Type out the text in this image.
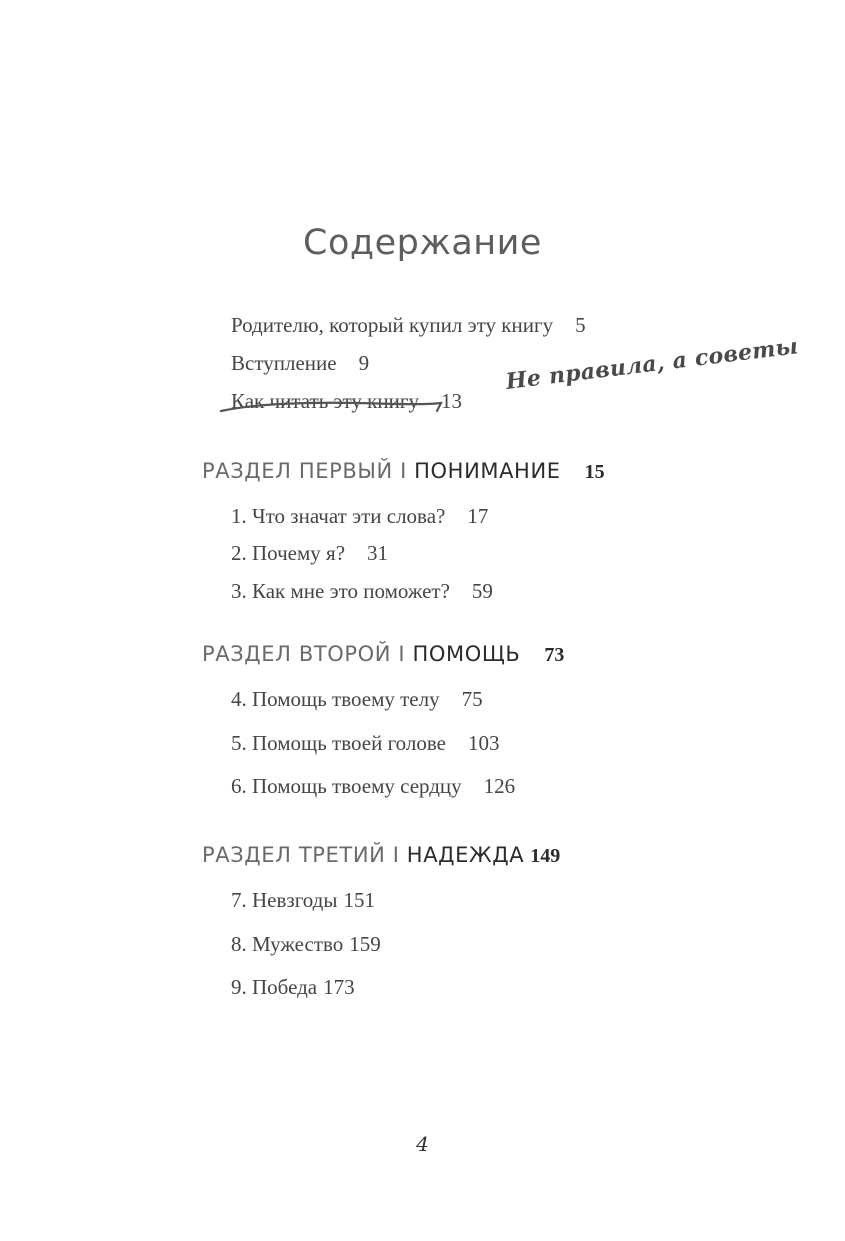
Содержание
Родителю, который купил эту книгу 5
Вступление 9
Как читать эту книгу 13
Не правила, а советы
РАЗДЕЛ ПЕРВЫЙ I ПОНИМАНИЕ 15
1. Что значат эти слова? 17
2. Почему я? 31
3. Как мне это поможет? 59
РАЗДЕЛ ВТОРОЙ I ПОМОЩЬ 73
4. Помощь твоему телу 75
5. Помощь твоей голове 103
6. Помощь твоему сердцу 126
РАЗДЕЛ ТРЕТИЙ I НАДЕЖДА 149
7. Невзгоды 151
8. Мужество 159
9. Победа 173
4
